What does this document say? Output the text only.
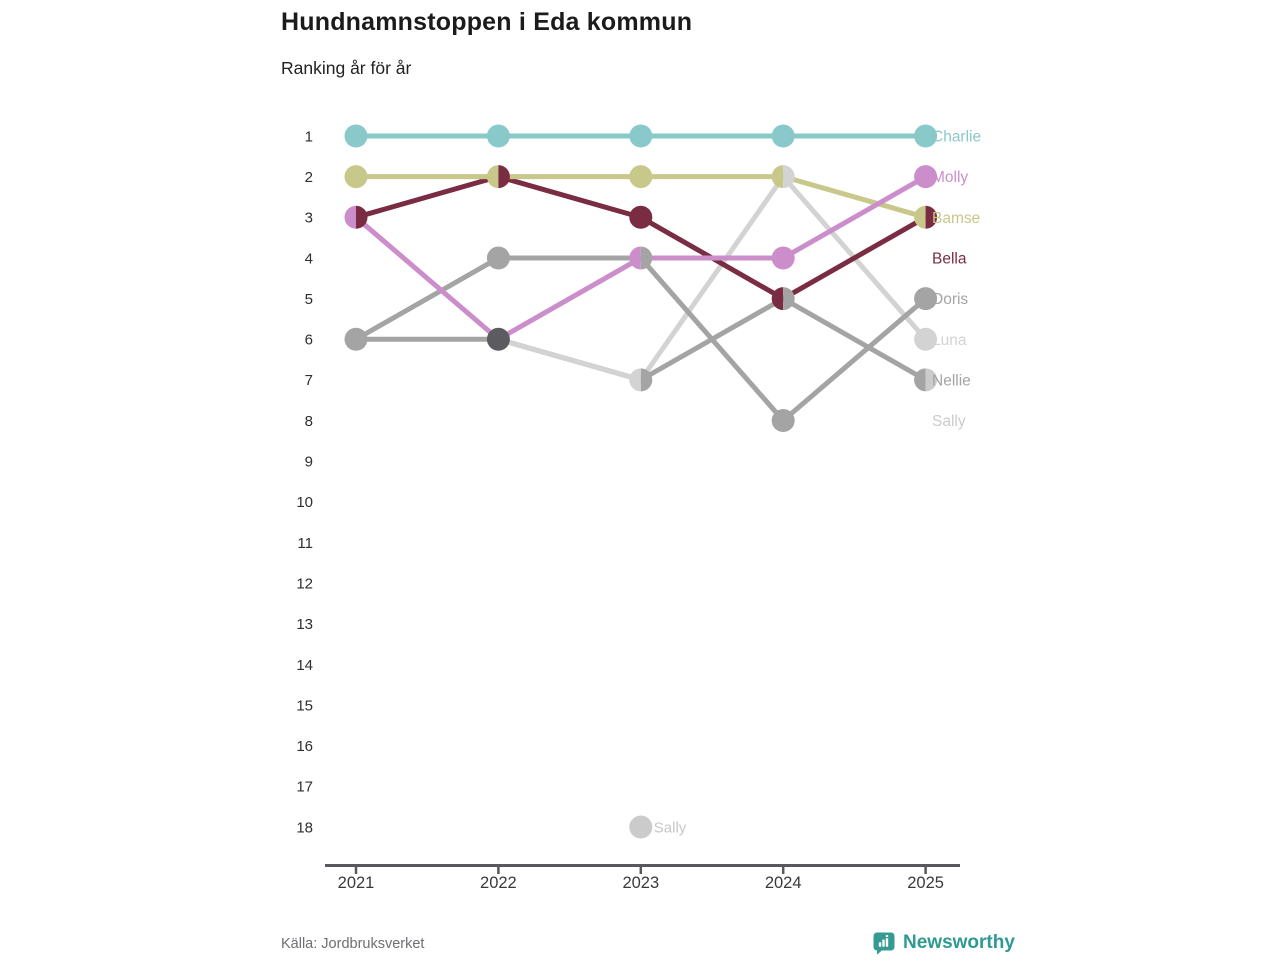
Hundnamnstoppen i Eda kommun
Ranking år för år
1
2
3
4
5
6
7
8
9
10
11
12
13
14
15
16
17
18
2021	2022	2023	2024	2025
Charlie
Molly
Bamse
Bella
Doris
Luna
Nellie
Sally
Sally
Källa: Jordbruksverket	Newsworthy
